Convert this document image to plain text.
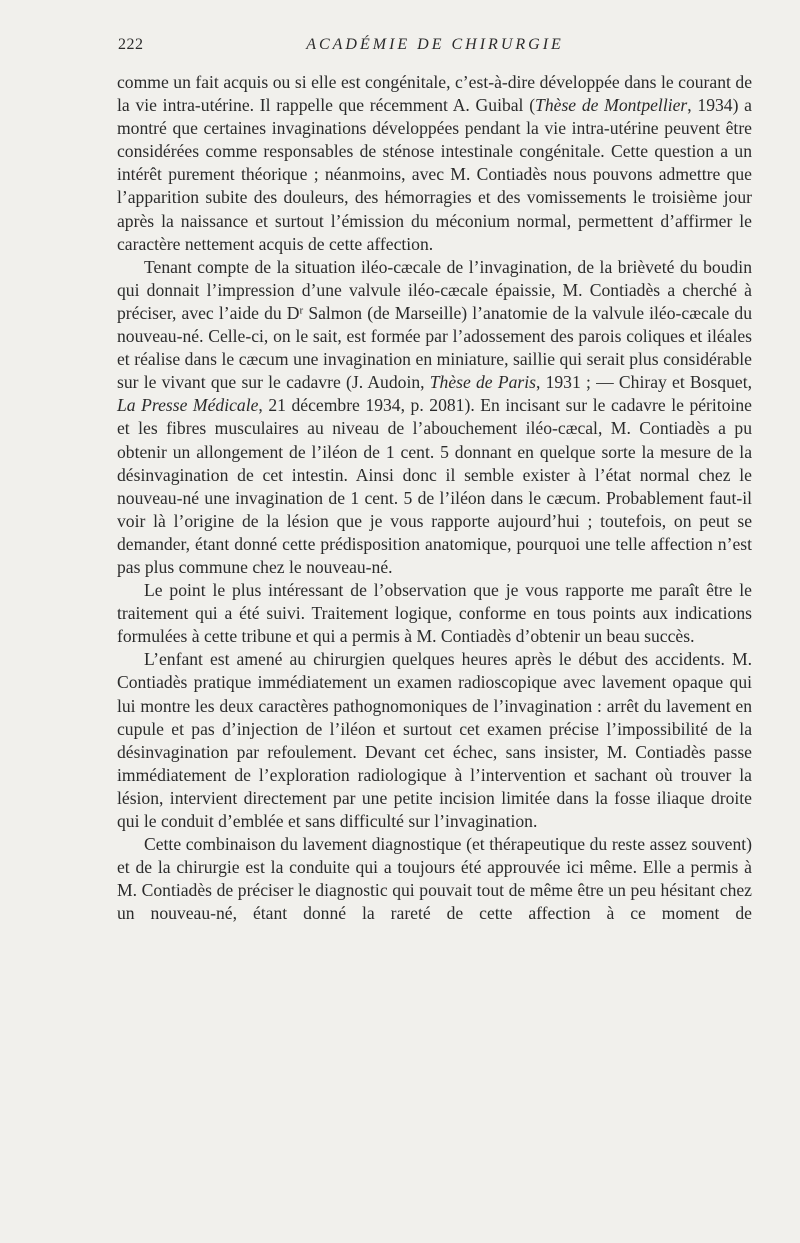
222	ACADÉMIE DE CHIRURGIE

comme un fait acquis ou si elle est congénitale, c’est-à-dire développée dans le courant de la vie intra-utérine. Il rappelle que récemment A. Guibal (Thèse de Montpellier, 1934) a montré que certaines invaginations développées pendant la vie intra-utérine peuvent être considérées comme responsables de sténose intestinale congénitale. Cette question a un intérêt purement théorique ; néanmoins, avec M. Contiadès nous pouvons admettre que l’apparition subite des douleurs, des hémorragies et des vomissements le troisième jour après la naissance et surtout l’émission du méconium normal, permettent d’affirmer le caractère nettement acquis de cette affection.

Tenant compte de la situation iléo-cæcale de l’invagination, de la brièveté du boudin qui donnait l’impression d’une valvule iléo-cæcale épaissie, M. Contiadès a cherché à préciser, avec l’aide du $D^r$ Salmon (de Marseille) l’anatomie de la valvule iléo-cæcale du nouveau-né. Celle-ci, on le sait, est formée par l’adossement des parois coliques et iléales et réalise dans le cæcum une invagination en miniature, saillie qui serait plus considérable sur le vivant que sur le cadavre (J. Audoin, Thèse de Paris, 1931 ; — Chiray et Bosquet, La Presse Médicale, 21 décembre 1934, p. 2081). En incisant sur le cadavre le péritoine et les fibres musculaires au niveau de l’abouchement iléo-cæcal, M. Contiadès a pu obtenir un allongement de l’iléon de 1 cent. 5 donnant en quelque sorte la mesure de la désinvagination de cet intestin. Ainsi donc il semble exister à l’état normal chez le nouveau-né une invagination de 1 cent. 5 de l’iléon dans le cæcum. Probablement faut-il voir là l’origine de la lésion que je vous rapporte aujourd’hui ; toutefois, on peut se demander, étant donné cette prédisposition anatomique, pourquoi une telle affection n’est pas plus commune chez le nouveau-né.

Le point le plus intéressant de l’observation que je vous rapporte me paraît être le traitement qui a été suivi. Traitement logique, conforme en tous points aux indications formulées à cette tribune et qui a permis à M. Contiadès d’obtenir un beau succès.

L’enfant est amené au chirurgien quelques heures après le début des accidents. M. Contiadès pratique immédiatement un examen radioscopique avec lavement opaque qui lui montre les deux caractères pathognomoniques de l’invagination : arrêt du lavement en cupule et pas d’injection de l’iléon et surtout cet examen précise l’impossibilité de la désinvagination par refoulement. Devant cet échec, sans insister, M. Contiadès passe immédiatement de l’exploration radiologique à l’intervention et sachant où trouver la lésion, intervient directement par une petite incision limitée dans la fosse iliaque droite qui le conduit d’emblée et sans difficulté sur l’invagination.

Cette combinaison du lavement diagnostique (et thérapeutique du reste assez souvent) et de la chirurgie est la conduite qui a toujours été approuvée ici même. Elle a permis à M. Contiadès de préciser le diagnostic qui pouvait tout de même être un peu hésitant chez un nouveau-né, étant donné la rareté de cette affection à ce moment de
